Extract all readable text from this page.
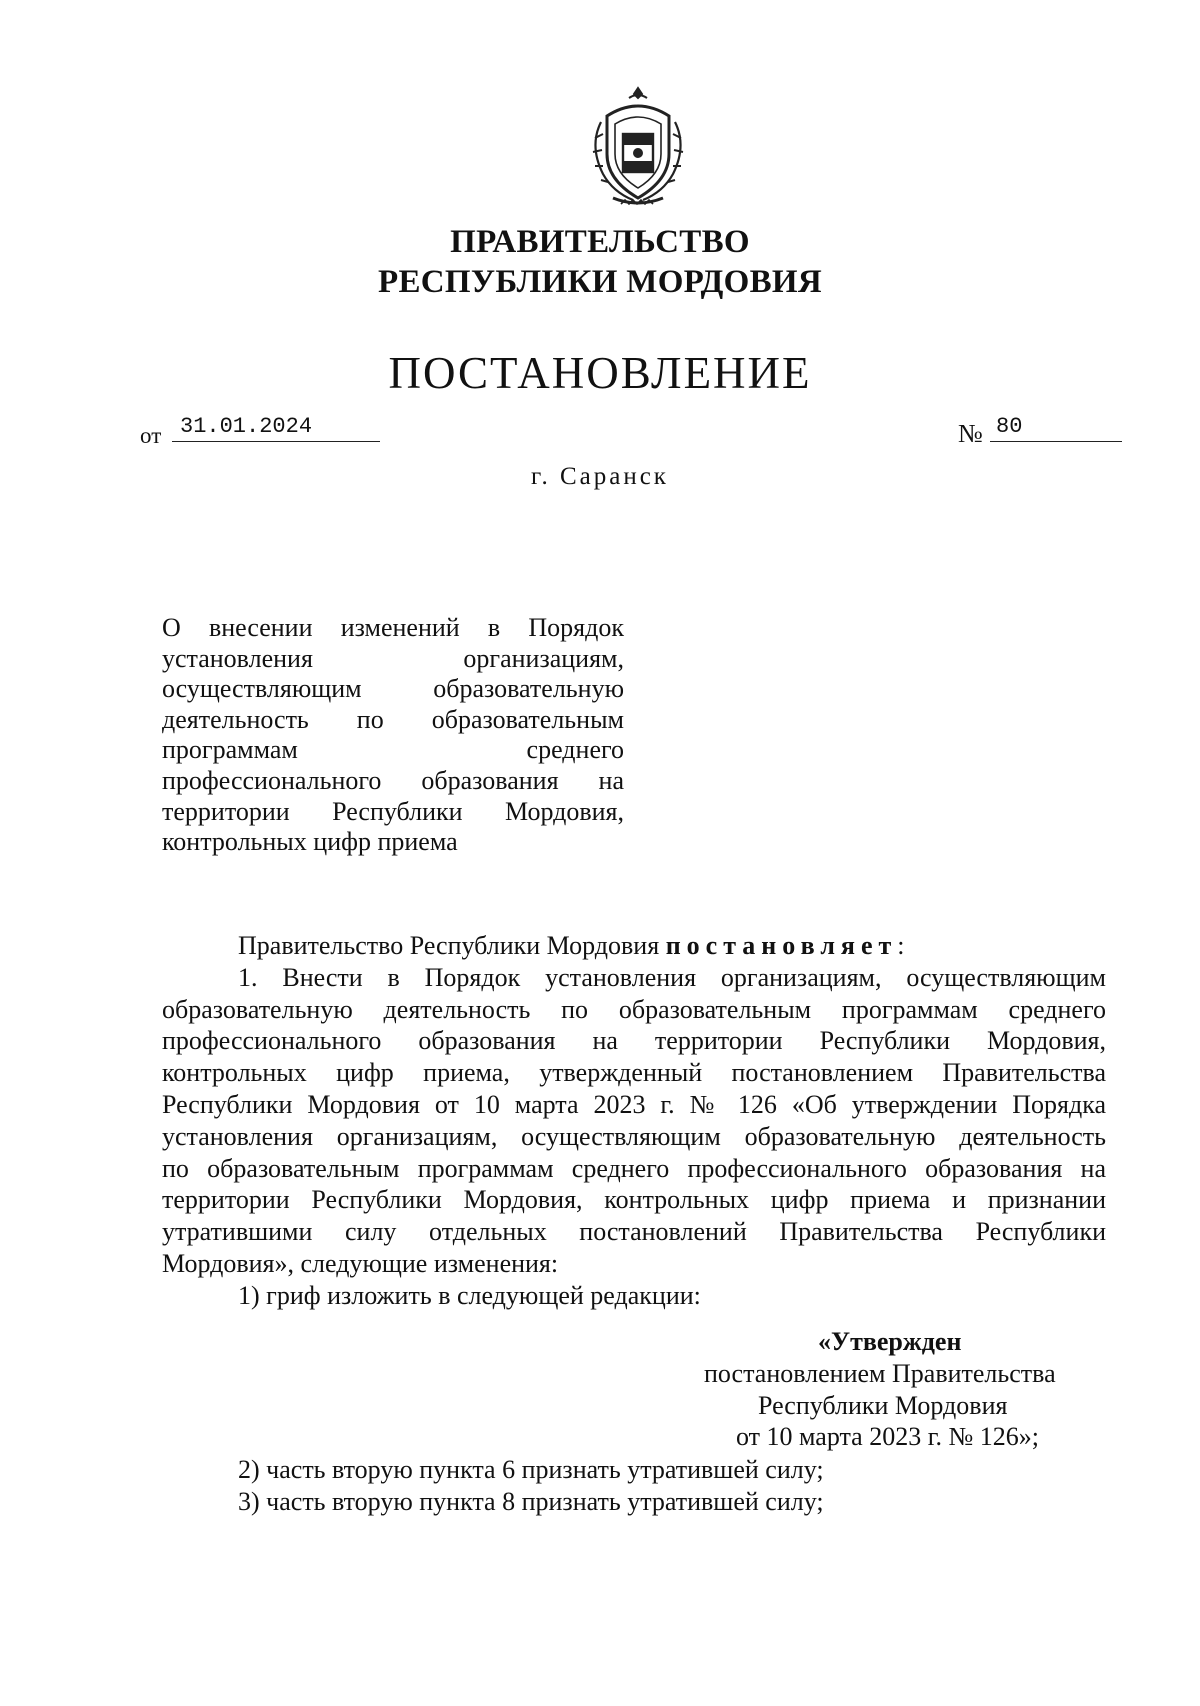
ПРАВИТЕЛЬСТВО
РЕСПУБЛИКИ МОРДОВИЯ
ПОСТАНОВЛЕНИЕ
от 31.01.2024	№ 80
г. Саранск
О внесении изменений в Порядок
установления организациям,
осуществляющим образовательную
деятельность по образовательным
программам среднего
профессионального образования на
территории Республики Мордовия,
контрольных цифр приема
Правительство Республики Мордовия постановляет:
1. Внести в Порядок установления организациям, осуществляющим
образовательную деятельность по образовательным программам среднего
профессионального образования на территории Республики Мордовия,
контрольных цифр приема, утвержденный постановлением Правительства
Республики Мордовия от 10 марта 2023 г. № 126 «Об утверждении Порядка
установления организациям, осуществляющим образовательную деятельность
по образовательным программам среднего профессионального образования на
территории Республики Мордовия, контрольных цифр приема и признании
утратившими силу отдельных постановлений Правительства Республики
Мордовия», следующие изменения:
1) гриф изложить в следующей редакции:
«Утвержден
постановлением Правительства
Республики Мордовия
от 10 марта 2023 г. № 126»;
2) часть вторую пункта 6 признать утратившей силу;
3) часть вторую пункта 8 признать утратившей силу;
